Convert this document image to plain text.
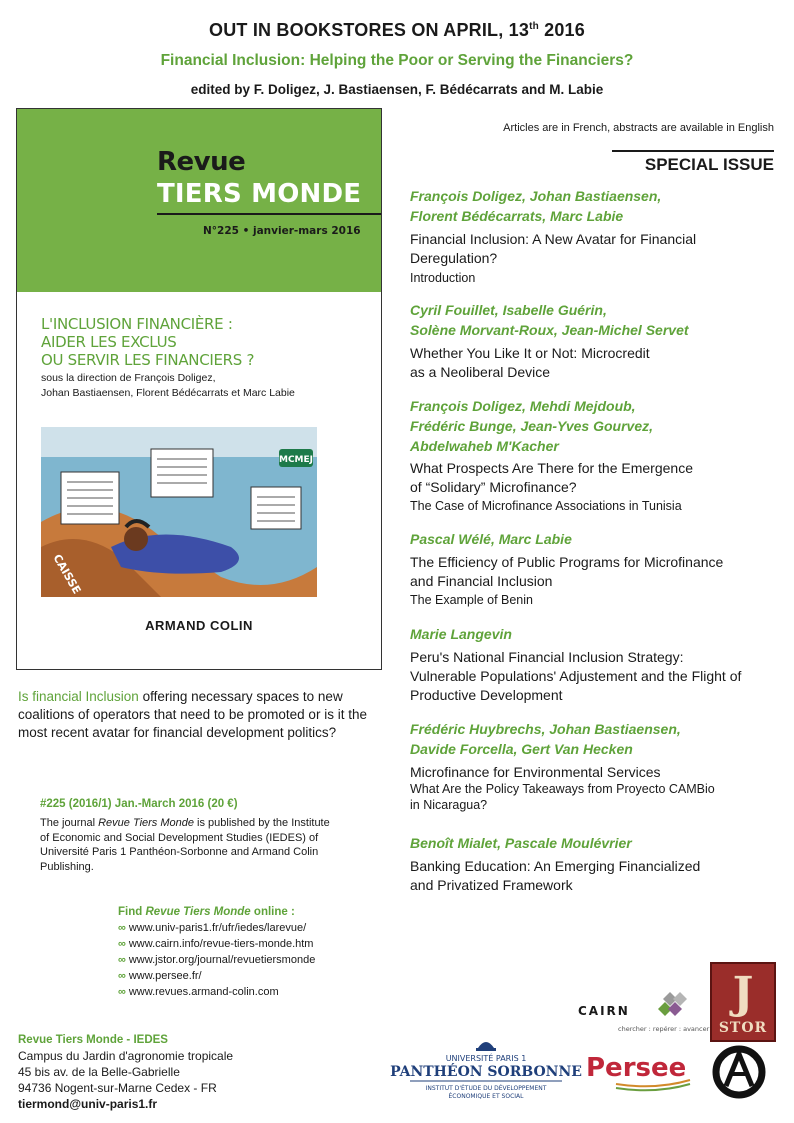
OUT IN BOOKSTORES ON APRIL, 13th 2016
Financial Inclusion: Helping the Poor or Serving the Financiers?
edited by F. Doligez, J. Bastiaensen, F. Bédécarrats and M. Labie
Revue
TIERS MONDE
N°225 • janvier-mars 2016
L'INCLUSION FINANCIÈRE :
AIDER LES EXCLUS
OU SERVIR LES FINANCIERS ?
sous la direction de François Doligez,
Johan Bastiaensen, Florent Bédécarrats et Marc Labie
MCMEJ
CAISSE
ARMAND COLIN
Is financial Inclusion offering necessary spaces to new coalitions of operators that need to be promoted or is it the most recent avatar for financial development politics?
#225 (2016/1) Jan.-March 2016 (20 €)
The journal Revue Tiers Monde is published by the Institute of Economic and Social Development Studies (IEDES) of Université Paris 1 Panthéon-Sorbonne and Armand Colin Publishing.
Find Revue Tiers Monde online :
∞ www.univ-paris1.fr/ufr/iedes/larevue/
∞ www.cairn.info/revue-tiers-monde.htm
∞ www.jstor.org/journal/revuetiersmonde
∞ www.persee.fr/
∞ www.revues.armand-colin.com
Revue Tiers Monde - IEDES
Campus du Jardin d'agronomie tropicale
45 bis av. de la Belle-Gabrielle
94736 Nogent-sur-Marne Cedex - FR
tiermond@univ-paris1.fr
Articles are in French, abstracts are available in English
SPECIAL ISSUE
François Doligez, Johan Bastiaensen,
Florent Bédécarrats, Marc Labie
Financial Inclusion: A New Avatar for Financial
Deregulation?
Introduction
Cyril Fouillet, Isabelle Guérin,
Solène Morvant-Roux, Jean-Michel Servet
Whether You Like It or Not: Microcredit
as a Neoliberal Device
François Doligez, Mehdi Mejdoub,
Frédéric Bunge, Jean-Yves Gourvez,
Abdelwaheb M'Kacher
What Prospects Are There for the Emergence
of “Solidary” Microfinance?
The Case of Microfinance Associations in Tunisia
Pascal Wélé, Marc Labie
The Efficiency of Public Programs for Microfinance
and Financial Inclusion
The Example of Benin
Marie Langevin
Peru's National Financial Inclusion Strategy:
Vulnerable Populations' Adjustement and the Flight of
Productive Development
Frédéric Huybrechs, Johan Bastiaensen,
Davide Forcella, Gert Van Hecken
Microfinance for Environmental Services
What Are the Policy Takeaways from Proyecto CAMBio
in Nicaragua?
Benoît Mialet, Pascale Moulévrier
Banking Education: An Emerging Financialized
and Privatized Framework
CAIRN
chercher : repérer : avancer
J
STOR
UNIVERSITÉ PARIS 1
PANTHÉON SORBONNE
INSTITUT D'ÉTUDE DU DÉVELOPPEMENT
ÉCONOMIQUE ET SOCIAL
Persee
AC
